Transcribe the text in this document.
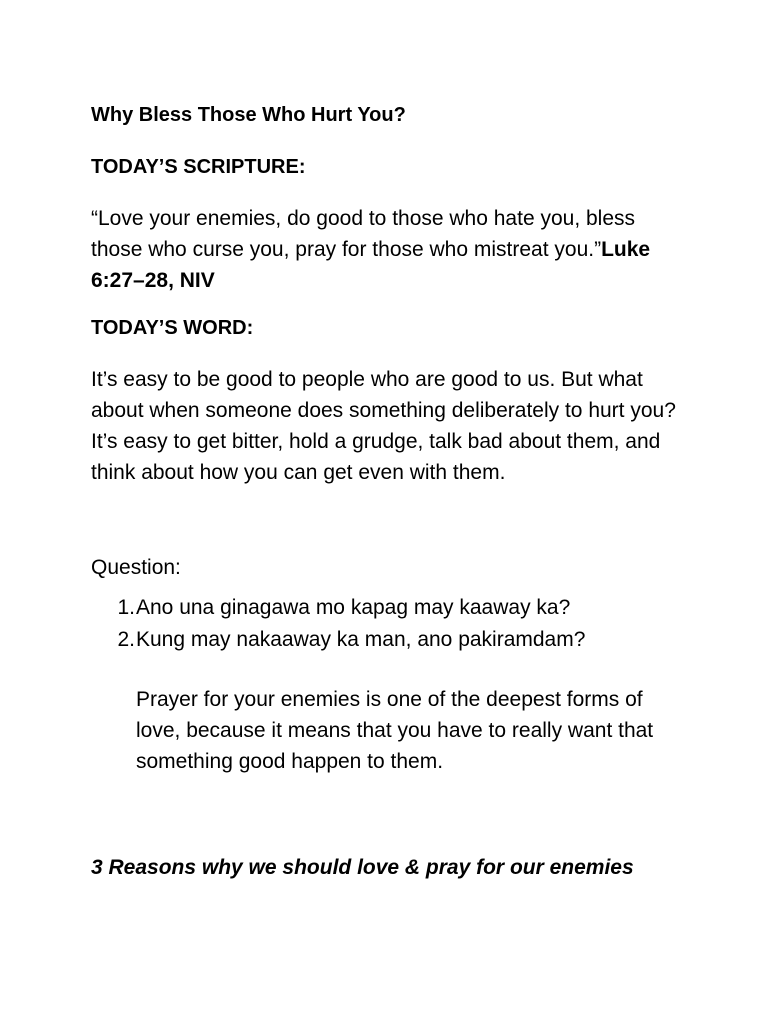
Why Bless Those Who Hurt You?

TODAY’S SCRIPTURE:

“Love your enemies, do good to those who hate you, bless those who curse you, pray for those who mistreat you.”Luke 6:27–28, NIV

TODAY’S WORD:

It’s easy to be good to people who are good to us. But what about when someone does something deliberately to hurt you? It’s easy to get bitter, hold a grudge, talk bad about them, and think about how you can get even with them.

Question:

1. Ano una ginagawa mo kapag may kaaway ka?
2. Kung may nakaaway ka man, ano pakiramdam?

Prayer for your enemies is one of the deepest forms of love, because it means that you have to really want that something good happen to them.

3 Reasons why we should love & pray for our enemies
